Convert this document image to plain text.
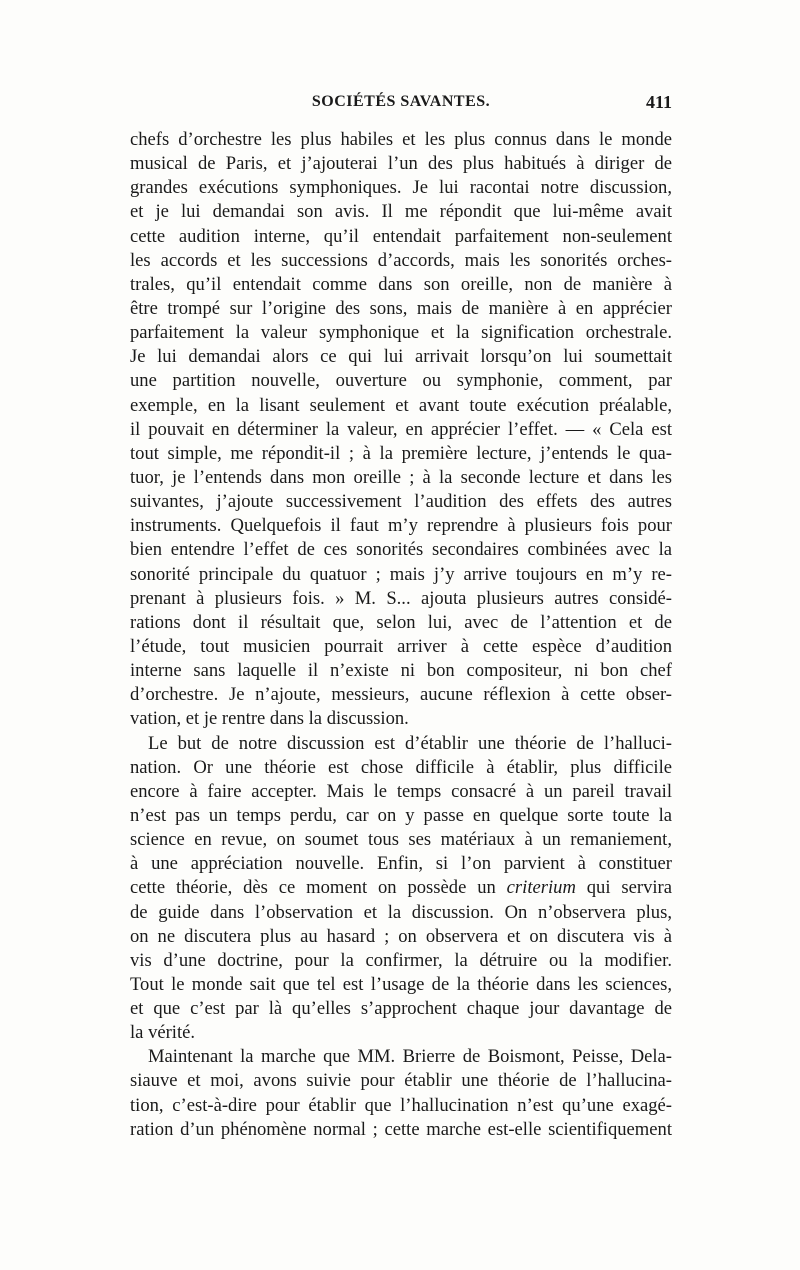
SOCIÉTÉS SAVANTES.	411
chefs d’orchestre les plus habiles et les plus connus dans le monde
musical de Paris, et j’ajouterai l’un des plus habitués à diriger de
grandes exécutions symphoniques. Je lui racontai notre discussion,
et je lui demandai son avis. Il me répondit que lui-même avait
cette audition interne, qu’il entendait parfaitement non-seulement
les accords et les successions d’accords, mais les sonorités orches-
trales, qu’il entendait comme dans son oreille, non de manière à
être trompé sur l’origine des sons, mais de manière à en apprécier
parfaitement la valeur symphonique et la signification orchestrale.
Je lui demandai alors ce qui lui arrivait lorsqu’on lui soumettait
une partition nouvelle, ouverture ou symphonie, comment, par
exemple, en la lisant seulement et avant toute exécution préalable,
il pouvait en déterminer la valeur, en apprécier l’effet. — « Cela est
tout simple, me répondit-il ; à la première lecture, j’entends le qua-
tuor, je l’entends dans mon oreille ; à la seconde lecture et dans les
suivantes, j’ajoute successivement l’audition des effets des autres
instruments. Quelquefois il faut m’y reprendre à plusieurs fois pour
bien entendre l’effet de ces sonorités secondaires combinées avec la
sonorité principale du quatuor ; mais j’y arrive toujours en m’y re-
prenant à plusieurs fois. » M. S... ajouta plusieurs autres considé-
rations dont il résultait que, selon lui, avec de l’attention et de
l’étude, tout musicien pourrait arriver à cette espèce d’audition
interne sans laquelle il n’existe ni bon compositeur, ni bon chef
d’orchestre. Je n’ajoute, messieurs, aucune réflexion à cette obser-
vation, et je rentre dans la discussion.
Le but de notre discussion est d’établir une théorie de l’halluci-
nation. Or une théorie est chose difficile à établir, plus difficile
encore à faire accepter. Mais le temps consacré à un pareil travail
n’est pas un temps perdu, car on y passe en quelque sorte toute la
science en revue, on soumet tous ses matériaux à un remaniement,
à une appréciation nouvelle. Enfin, si l’on parvient à constituer
cette théorie, dès ce moment on possède un criterium qui servira
de guide dans l’observation et la discussion. On n’observera plus,
on ne discutera plus au hasard ; on observera et on discutera vis à
vis d’une doctrine, pour la confirmer, la détruire ou la modifier.
Tout le monde sait que tel est l’usage de la théorie dans les sciences,
et que c’est par là qu’elles s’approchent chaque jour davantage de
la vérité.
Maintenant la marche que MM. Brierre de Boismont, Peisse, Dela-
siauve et moi, avons suivie pour établir une théorie de l’hallucina-
tion, c’est-à-dire pour établir que l’hallucination n’est qu’une exagé-
ration d’un phénomène normal ; cette marche est-elle scientifiquement
